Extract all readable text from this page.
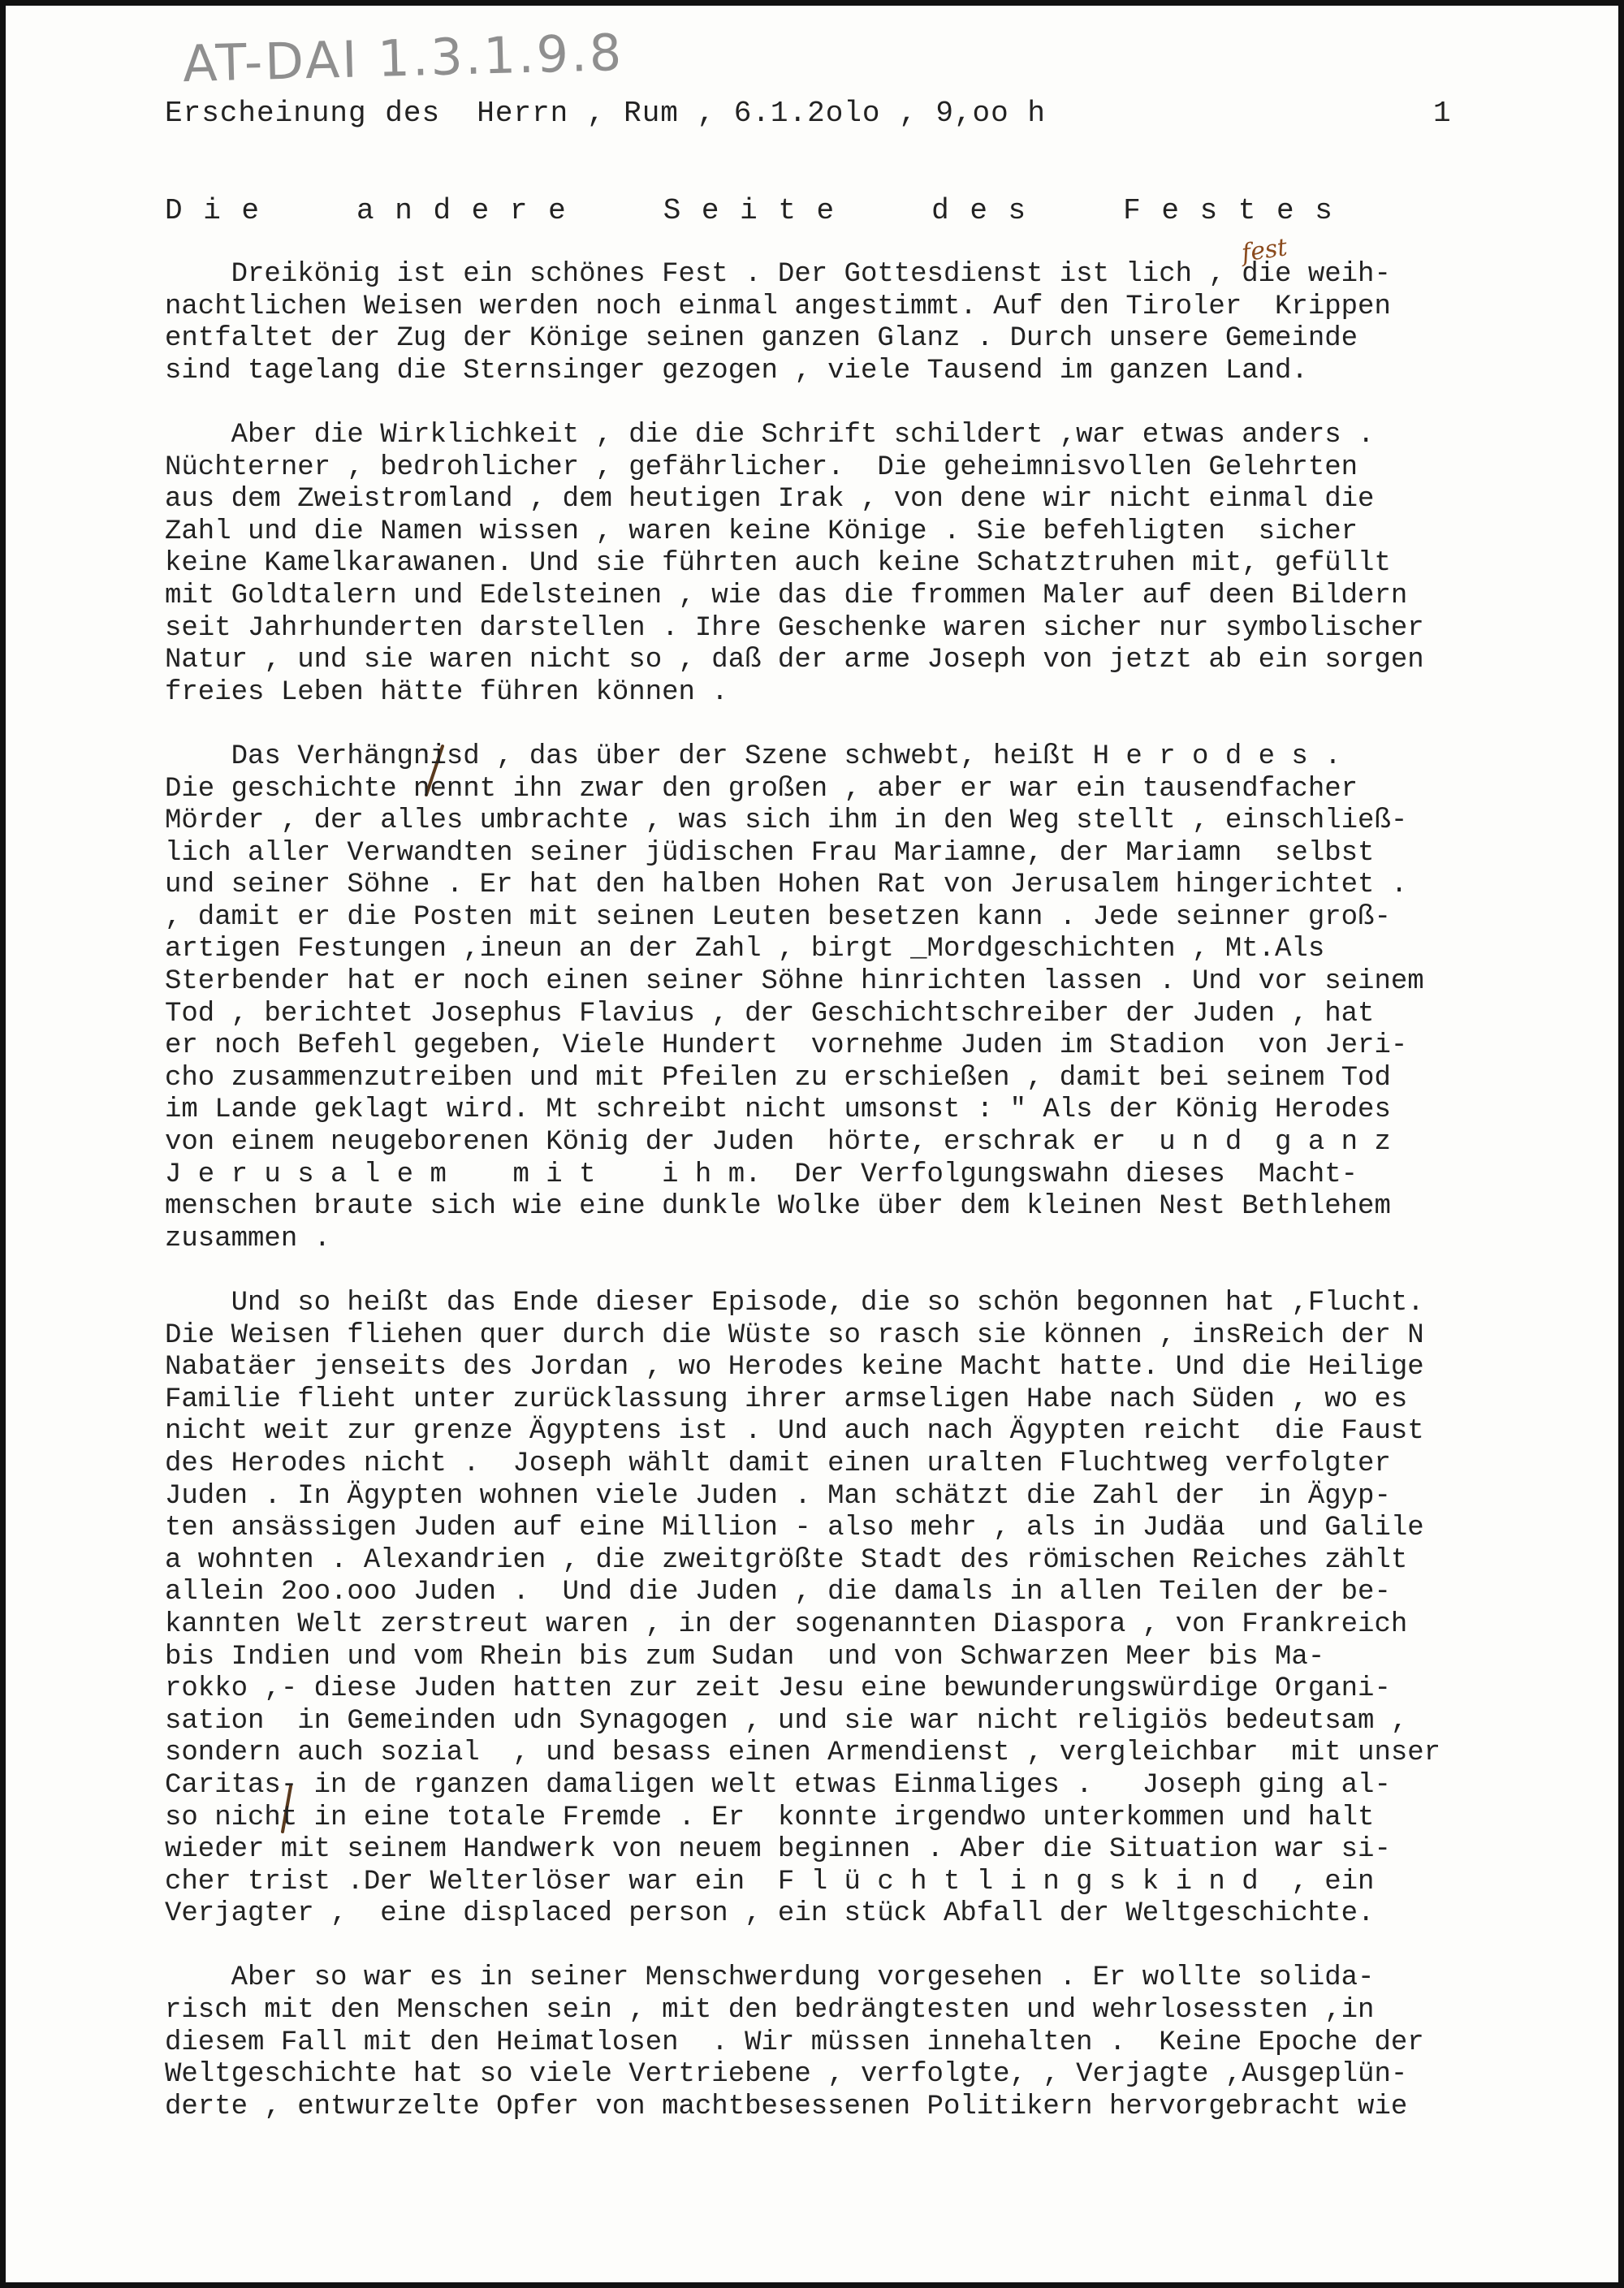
AT-DAI 1.3.1.9.8
Erscheinung des  Herrn , Rum , 6.1.2olo , 9,oo h	1
D i e     a n d e r e     S e i t e     d e s     F e s t e s
fest
Dreikönig ist ein schönes Fest . Der Gottesdienst ist lich , die weih-
nachtlichen Weisen werden noch einmal angestimmt. Auf den Tiroler  Krippen
entfaltet der Zug der Könige seinen ganzen Glanz . Durch unsere Gemeinde
sind tagelang die Sternsinger gezogen , viele Tausend im ganzen Land.
Aber die Wirklichkeit , die die Schrift schildert ,war etwas anders .
Nüchterner , bedrohlicher , gefährlicher.  Die geheimnisvollen Gelehrten
aus dem Zweistromland , dem heutigen Irak , von dene wir nicht einmal die
Zahl und die Namen wissen , waren keine Könige . Sie befehligten  sicher
keine Kamelkarawanen. Und sie führten auch keine Schatztruhen mit, gefüllt
mit Goldtalern und Edelsteinen , wie das die frommen Maler auf deen Bildern
seit Jahrhunderten darstellen . Ihre Geschenke waren sicher nur symbolischer
Natur , und sie waren nicht so , daß der arme Joseph von jetzt ab ein sorgen
freies Leben hätte führen können .
Das Verhängnisd , das über der Szene schwebt, heißt H e r o d e s .
Die geschichte nennt ihn zwar den großen , aber er war ein tausendfacher
Mörder , der alles umbrachte , was sich ihm in den Weg stellt , einschließ-
lich aller Verwandten seiner jüdischen Frau Mariamne, der Mariamn  selbst
und seiner Söhne . Er hat den halben Hohen Rat von Jerusalem hingerichtet .
, damit er die Posten mit seinen Leuten besetzen kann . Jede seinner groß-
artigen Festungen ,ineun an der Zahl , birgt _Mordgeschichten , Mt.Als
Sterbender hat er noch einen seiner Söhne hinrichten lassen . Und vor seinem
Tod , berichtet Josephus Flavius , der Geschichtschreiber der Juden , hat
er noch Befehl gegeben, Viele Hundert  vornehme Juden im Stadion  von Jeri-
cho zusammenzutreiben und mit Pfeilen zu erschießen , damit bei seinem Tod
im Lande geklagt wird. Mt schreibt nicht umsonst : " Als der König Herodes
von einem neugeborenen König der Juden  hörte, erschrak er  u n d  g a n z
J e r u s a l e m    m i t    i h m.  Der Verfolgungswahn dieses  Macht-
menschen braute sich wie eine dunkle Wolke über dem kleinen Nest Bethlehem
zusammen .
Und so heißt das Ende dieser Episode, die so schön begonnen hat ,Flucht.
Die Weisen fliehen quer durch die Wüste so rasch sie können , insReich der N
Nabatäer jenseits des Jordan , wo Herodes keine Macht hatte. Und die Heilige
Familie flieht unter zurücklassung ihrer armseligen Habe nach Süden , wo es
nicht weit zur grenze Ägyptens ist . Und auch nach Ägypten reicht  die Faust
des Herodes nicht .  Joseph wählt damit einen uralten Fluchtweg verfolgter
Juden . In Ägypten wohnen viele Juden . Man schätzt die Zahl der  in Ägyp-
ten ansässigen Juden auf eine Million - also mehr , als in Judäa  und Galile
a wohnten . Alexandrien , die zweitgrößte Stadt des römischen Reiches zählt
allein 2oo.ooo Juden .  Und die Juden , die damals in allen Teilen der be-
kannten Welt zerstreut waren , in der sogenannten Diaspora , von Frankreich
bis Indien und vom Rhein bis zum Sudan  und von Schwarzen Meer bis Ma-
rokko ,- diese Juden hatten zur zeit Jesu eine bewunderungswürdige Organi-
sation  in Gemeinden udn Synagogen , und sie war nicht religiös bedeutsam ,
sondern auch sozial  , und besass einen Armendienst , vergleichbar  mit unser
Caritas- in de rganzen damaligen welt etwas Einmaliges .   Joseph ging al-
so nicht in eine totale Fremde . Er  konnte irgendwo unterkommen und halt
wieder mit seinem Handwerk von neuem beginnen . Aber die Situation war si-
cher trist .Der Welterlöser war ein  F l ü c h t l i n g s k i n d  , ein
Verjagter ,  eine displaced person , ein stück Abfall der Weltgeschichte.
Aber so war es in seiner Menschwerdung vorgesehen . Er wollte solida-
risch mit den Menschen sein , mit den bedrängtesten und wehrlosessten ,in
diesem Fall mit den Heimatlosen  . Wir müssen innehalten .  Keine Epoche der
Weltgeschichte hat so viele Vertriebene , verfolgte, , Verjagte ,Ausgeplün-
derte , entwurzelte Opfer von machtbesessenen Politikern hervorgebracht wie
